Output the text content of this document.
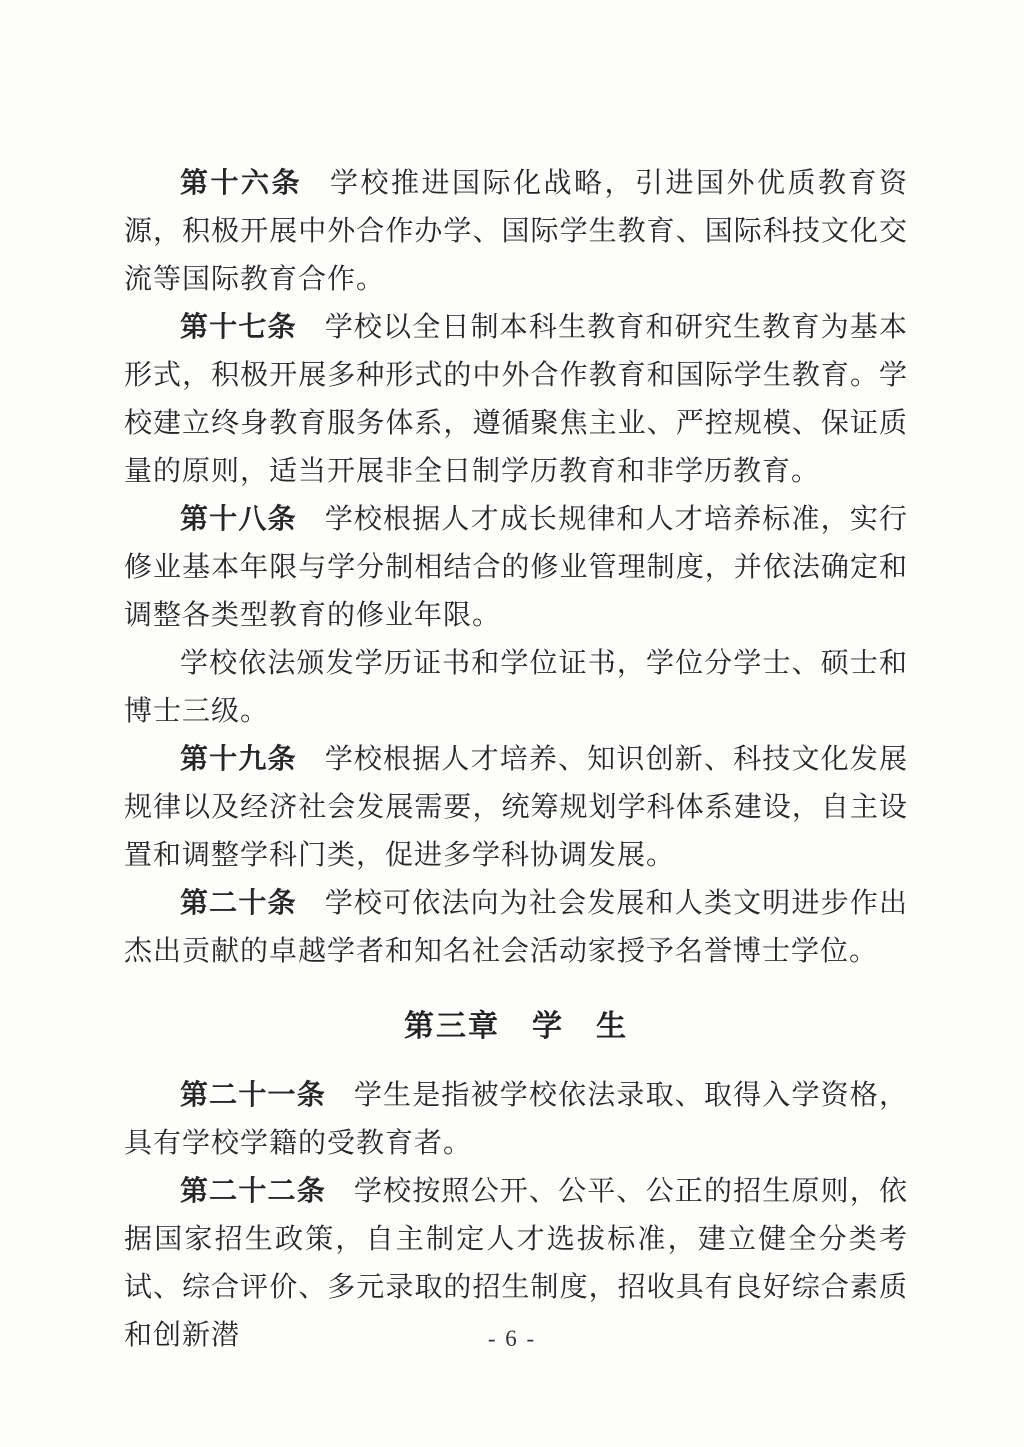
第十六条 学校推进国际化战略，引进国外优质教育资源，积极开展中外合作办学、国际学生教育、国际科技文化交流等国际教育合作。

第十七条 学校以全日制本科生教育和研究生教育为基本形式，积极开展多种形式的中外合作教育和国际学生教育。学校建立终身教育服务体系，遵循聚焦主业、严控规模、保证质量的原则，适当开展非全日制学历教育和非学历教育。

第十八条 学校根据人才成长规律和人才培养标准，实行修业基本年限与学分制相结合的修业管理制度，并依法确定和调整各类型教育的修业年限。

学校依法颁发学历证书和学位证书，学位分学士、硕士和博士三级。

第十九条 学校根据人才培养、知识创新、科技文化发展规律以及经济社会发展需要，统筹规划学科体系建设，自主设置和调整学科门类，促进多学科协调发展。

第二十条 学校可依法向为社会发展和人类文明进步作出杰出贡献的卓越学者和知名社会活动家授予名誉博士学位。

第三章　学　生

第二十一条 学生是指被学校依法录取、取得入学资格，具有学校学籍的受教育者。

第二十二条 学校按照公开、公平、公正的招生原则，依据国家招生政策，自主制定人才选拔标准，建立健全分类考试、综合评价、多元录取的招生制度，招收具有良好综合素质和创新潜	- 6 -
